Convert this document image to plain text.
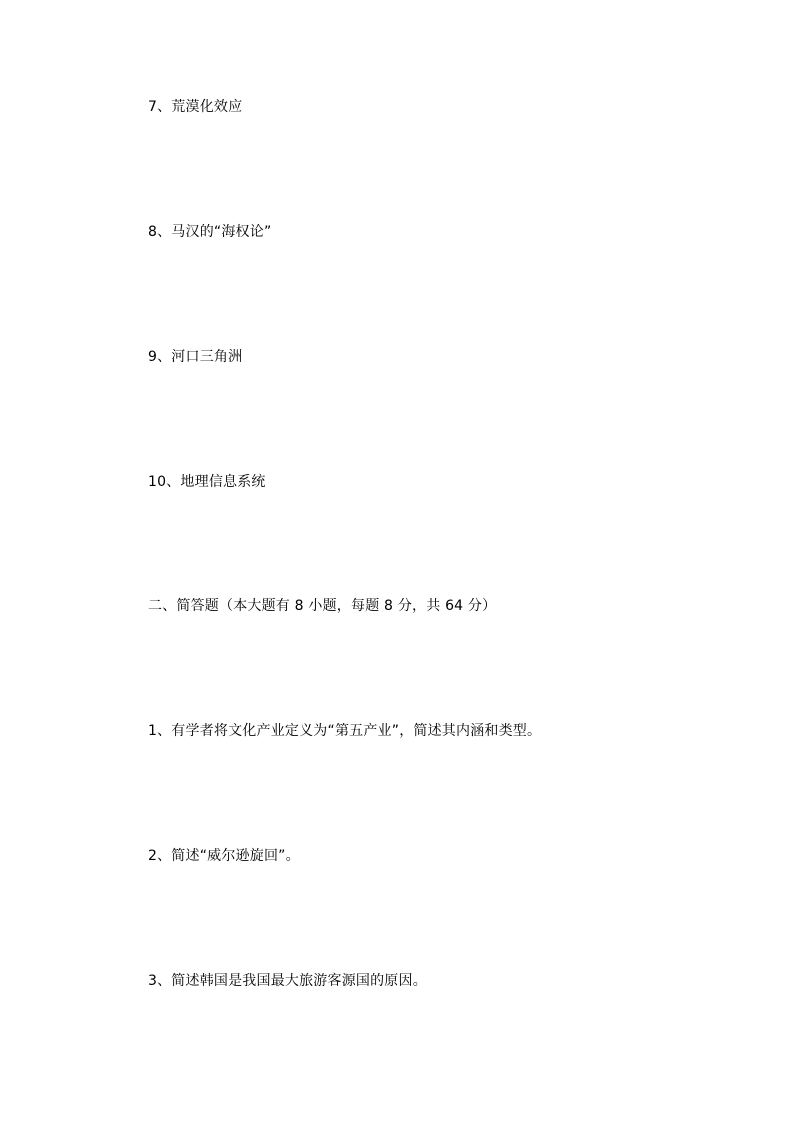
7、荒漠化效应
8、马汉的“海权论”
9、河口三角洲
10、地理信息系统
二、简答题（本大题有 8 小题，每题 8 分，共 64 分）
1、有学者将文化产业定义为“第五产业”，简述其内涵和类型。
2、简述“威尔逊旋回”。
3、简述韩国是我国最大旅游客源国的原因。
